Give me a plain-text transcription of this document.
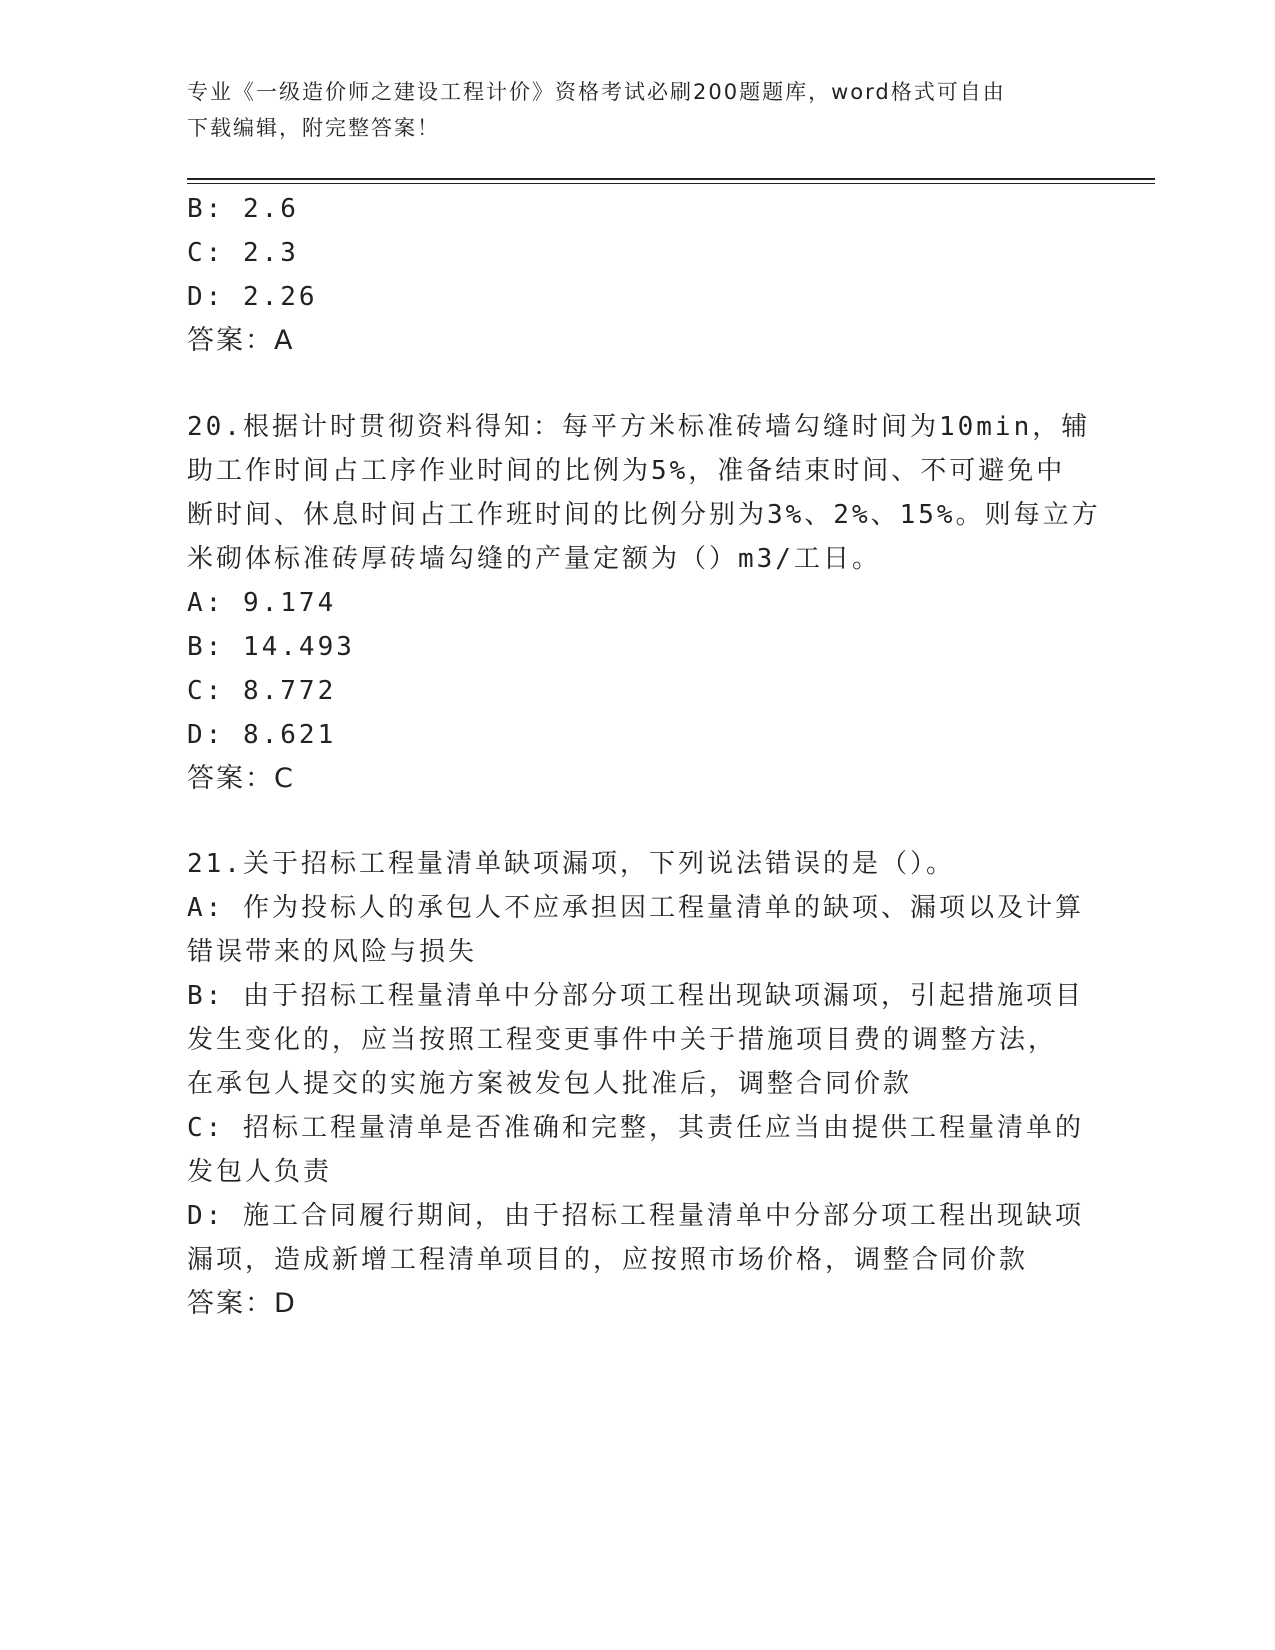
专业《一级造价师之建设工程计价》资格考试必刷200题题库，word格式可自由
下载编辑，附完整答案！
B: 2.6
C: 2.3
D: 2.26
答案：A
20.根据计时贯彻资料得知：每平方米标准砖墙勾缝时间为10min，辅
助工作时间占工序作业时间的比例为5%，准备结束时间、不可避免中
断时间、休息时间占工作班时间的比例分别为3%、2%、15%。则每立方
米砌体标准砖厚砖墙勾缝的产量定额为（）m3/工日。
A: 9.174
B: 14.493
C: 8.772
D: 8.621
答案：C
21.关于招标工程量清单缺项漏项，下列说法错误的是（）。
A: 作为投标人的承包人不应承担因工程量清单的缺项、漏项以及计算
错误带来的风险与损失
B: 由于招标工程量清单中分部分项工程出现缺项漏项，引起措施项目
发生变化的，应当按照工程变更事件中关于措施项目费的调整方法，
在承包人提交的实施方案被发包人批准后，调整合同价款
C: 招标工程量清单是否准确和完整，其责任应当由提供工程量清单的
发包人负责
D: 施工合同履行期间，由于招标工程量清单中分部分项工程出现缺项
漏项，造成新增工程清单项目的，应按照市场价格，调整合同价款
答案：D
